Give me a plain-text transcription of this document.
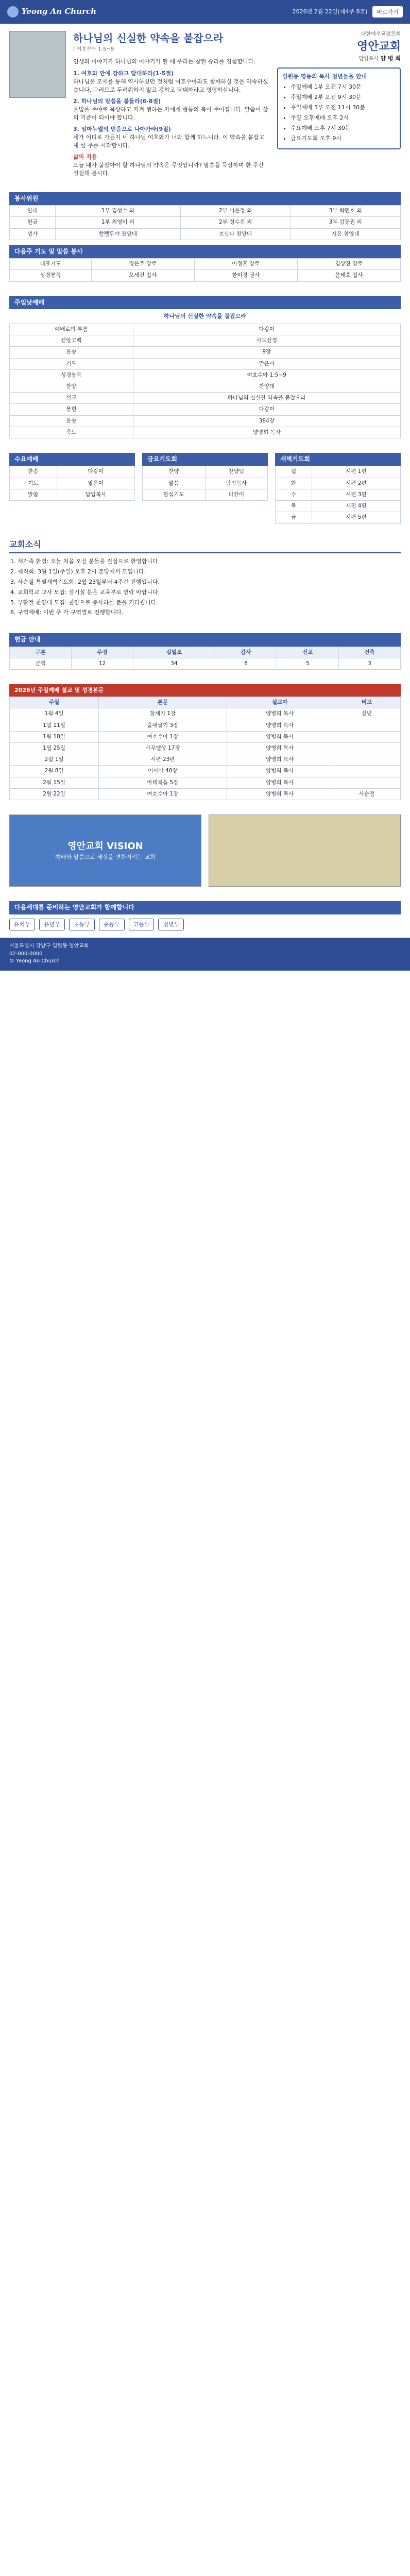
Yeong An Church	2026년 2월 22일(제4주 8호)	바로가기
하나님의 신실한 약속을 붙잡으라
| 여호수아 1:5~9

인생의 이야기가 하나님의 이야기가 될 때 우리는 참된 승리를 경험합니다.

1. 여호와 안에 강하고 담대하라(1-5절)

하나님은 모세를 통해 역사하셨던 것처럼 여호수아와도 함께하실 것을 약속하셨습니다. 그러므로 두려워하지 말고 강하고 담대하라고 명령하십니다.

2. 하나님의 말씀을 붙들라(6-8절)

율법을 주야로 묵상하고 지켜 행하는 자에게 형통의 복이 주어집니다. 말씀이 삶의 기준이 되어야 합니다.

3. 임마누엘의 믿음으로 나아가라(9절)

네가 어디로 가든지 네 하나님 여호와가 너와 함께 하느니라. 이 약속을 붙잡고 새 한 주를 시작합시다.

삶의 적용

오늘 내가 붙잡아야 할 하나님의 약속은 무엇입니까? 말씀을 묵상하며 한 주간 실천해 봅시다.

대한예수교장로회
영안교회
담임목사 양 병 희
일원동 영동의 목사 청년들을 안내
• 주일예배 1부 오전 7시 30분
• 주일예배 2부 오전 9시 30분
• 주일예배 3부 오전 11시 30분
• 주일 오후예배 오후 2시
• 수요예배 오후 7시 30분
• 금요기도회 오후 9시
봉사위원
안내	1부 김성수 외	2부 이은정 외	3부 박민호 외
헌금	1부 최영미 외	2부 정수진 외	3부 강동원 외
성가	할렐루야 찬양대	호산나 찬양대	시온 찬양대
다음주 기도 및 말씀 봉사
대표기도	정은주 장로	이정훈 장로	김상진 장로
성경봉독	오세진 집사	한미경 권사	윤태호 집사
주일낮예배
하나님의 신실한 약속을 붙잡으라
예배로의 부름	다같이
신앙고백	사도신경
찬송	9장
기도	맡은이
성경봉독	여호수아 1:5~9
찬양	찬양대
설교	하나님의 신실한 약속을 붙잡으라
봉헌	다같이
찬송	384장
축도	양병희 목사
수요예배
찬송	다같이
기도	맡은이
말씀	담임목사
금요기도회
찬양	찬양팀
말씀	담임목사
합심기도	다같이
새벽기도회
월	시편 1편
화	시편 2편
수	시편 3편
목	시편 4편
금	시편 5편
교회소식
1. 새가족 환영: 오늘 처음 오신 분들을 진심으로 환영합니다.
2. 제직회: 3월 1일(주일) 오후 2시 본당에서 모입니다.
3. 사순절 특별새벽기도회: 2월 23일부터 4주간 진행됩니다.
4. 교회학교 교사 모집: 섬기실 분은 교육부로 연락 바랍니다.
5. 부활절 찬양대 모집: 찬양으로 봉사하실 분을 기다립니다.
6. 구역예배: 이번 주 각 구역별로 진행합니다.
헌금 안내
구분	주정	십일조	감사	선교	건축
금액	12	34	8	5	3
2026년 주일예배 설교 및 성경본문
주일	본문	설교자	비고
1월 4일	창세기 1장	양병희 목사	신년
1월 11일	출애굽기 3장	양병희 목사	
1월 18일	여호수아 1장	양병희 목사	
1월 25일	사무엘상 17장	양병희 목사	
2월 1일	시편 23편	양병희 목사	
2월 8일	이사야 40장	양병희 목사	
2월 15일	마태복음 5장	양병희 목사	
2월 22일	여호수아 1장	양병희 목사	사순절
영안교회 VISION
예배와 말씀으로 세상을 변화시키는 교회
다음세대를 준비하는 영안교회가 함께합니다
유치부	유년부	초등부	중등부	고등부	청년부
서울특별시 강남구 일원동 영안교회
02-000-0000
© Yeong An Church
